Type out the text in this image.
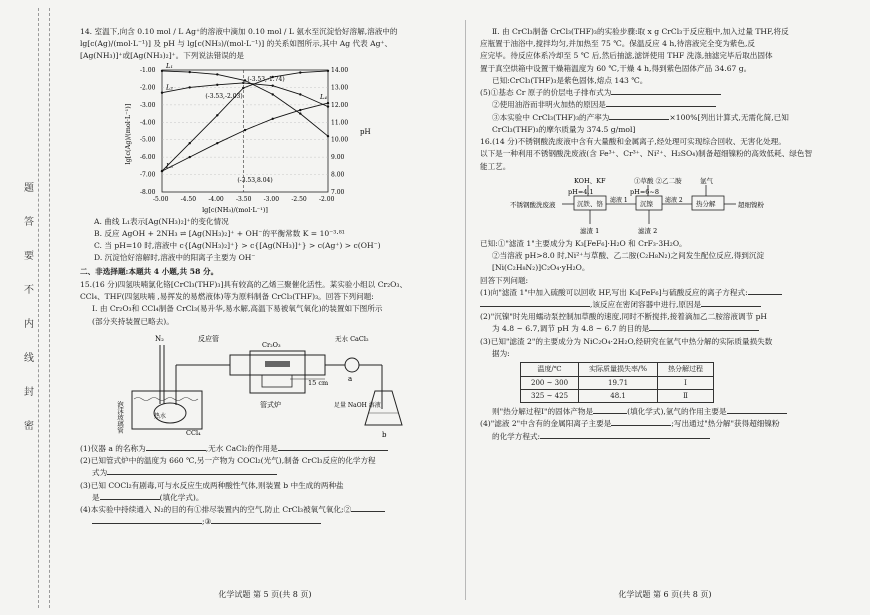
题
答
要
不
内
线
封
密

14. 室温下,向含 0.10 mol / L Ag⁺的溶液中滴加 0.10 mol / L 氨水至沉淀恰好溶解,溶液中的

lg[c(Ag)/(mol·L⁻¹)] 及 pH 与 lg[c(NH₃)/(mol·L⁻¹)] 的关系如图所示,其中 Ag 代表 Ag⁺、

[Ag(NH₃)]⁺或[Ag(NH₃)₂]⁺。下列说法错误的是

-5.00 -4.50 -4.00 -3.50 -3.00 -2.50 -2.00
-1.00
-2.00
-3.00
-4.00
-5.00
-6.00
-7.00
-8.00
14.00
13.00
12.00
11.00
10.00
9.00
8.00
7.00
lg[c(NH₃)/(mol·L⁻¹)]
lg[c(Ag)/(mol·L⁻¹)]	pH
L₁
L₂
L₃
L₄
(-3.53,-1.74)
(-3.53,-2.03)
(-3.53,8.04)

A. 曲线 L₁表示[Ag(NH₃)₂]⁺的变化情况

B. 反应 AgOH + 2NH₃ ⇌ [Ag(NH₃)₂]⁺ + OH⁻的平衡常数 K = 10⁻³·⁸¹

C. 当 pH=10 时,溶液中 c{[Ag(NH₃)₂]⁺} > c{[Ag(NH₃)]⁺} > c(Ag⁺) > c(OH⁻)

D. 沉淀恰好溶解时,溶液中的阳离子主要为 OH⁻

二、非选择题:本题共 4 小题,共 58 分。

15.(16 分)四氢呋喃氯化铬[CrCl₃(THF)₃]具有较高的乙烯三聚催化活性。某实验小组以 Cr₂O₃、

CCl₄、THF(四氢呋喃 ,易挥发的易燃液体)等为原料制备 CrCl₃(THF)₃。回答下列问题:

Ⅰ. 由 Cr₂O₃和 CCl₄制备 CrCl₃(易升华,易水解,高温下易被氧气氧化)的装置如下图所示

(部分夹持装置已略去)。

N₂
泡沫玻璃管	热水
CCl₄
反应管
Cr₂O₃
管式炉
15 cm
无水 CaCl₂
a
足量 NaOH 溶液
b

(1)仪器 a 的名称为	,无水 CaCl₂的作用是

(2)已知管式炉中的温度为 660 ℃,另一产物为 COCl₂(光气),制备 CrCl₃反应的化学方程

式为

(3)已知 COCl₂有剧毒,可与水反应生成两种酸性气体,则装置 b 中生成的两种盐

是	(填化学式)。

(4)本实验中持续通入 N₂的目的有①排尽装置内的空气,防止 CrCl₃被氧气氧化;②

;③

化学试题 第 5 页(共 8 页)

Ⅱ. 由 CrCl₃制备 CrCl₃(THF)₃的实验步骤:取 x g CrCl₃于反应瓶中,加入过量 THF,将反

应瓶置于油浴中,搅拌均匀,并加热至 75 ℃。保温反应 4 h,待溶液完全变为紫色,反

应完毕。待反应体系冷却至 5 ℃ 后,然后抽滤,滤饼使用 THF 洗涤,抽滤完毕后取出固体

置于真空烘箱中设置干燥箱温度为 60 ℃,干燥 4 h,得到紫色固体产品 34.67 g。

已知:CrCl₃(THF)₃是紫色固体,熔点 143 ℃。

(5)①基态 Cr 原子的价层电子排布式为

②使用油浴而非明火加热的原因是

③本实验中 CrCl₃(THF)₃的产率为	×100%[列出计算式,无需化简,已知

CrCl₃(THF)₃的摩尔质量为 374.5 g/mol]

16.(14 分)不锈钢酸洗废液中含有大量酸和金属离子,经处理可实现综合回收、无害化处理。

以下是一种利用不锈钢酸洗废液(含 Fe³⁺、Cr³⁺、Ni²⁺、H₂SO₄)制备超细镍粉的高效低耗、绿色智

能工艺。

KOH、KF
pH=4.1
①草酸 ②乙二胺
pH=6~8
氩气
不锈钢酸洗废液	沉铁、铬 滤液 1 沉镍 滤液 2 热分解	超细镍粉
滤渣 1	滤渣 2

已知:①"滤渣 1"主要成分为 K₃[FeF₆]·H₂O 和 CrF₃·3H₂O。

②当溶液 pH>8.0 时,Ni²⁺与草酸、乙二胺(C₂H₈N₂)之间发生配位反应,得到沉淀

[Ni(C₂H₈N₂)]C₂O₄·yH₂O。

回答下列问题:

(1)向"滤渣 1"中加入硫酸可以回收 HF,写出 K₃[FeF₆]与硫酸反应的离子方程式:

,该反应在密闭容器中进行,原因是

(2)"沉镍"时先用蠕动泵控制加草酸的速度,同时不断搅拌,接着滴加乙二胺溶液调节 pH

为 4.8 ~ 6.7,调节 pH 为 4.8 ~ 6.7 的目的是

(3)已知"滤渣 2"的主要成分为 NiC₂O₄·2H₂O,经研究在氩气中热分解的实际质量损失数

据为:

温度/℃	实际质量损失率/%	热分解过程
200 ~ 300	19.71	Ⅰ
325 ~ 425	48.1	Ⅱ

则"热分解过程Ⅰ"的固体产物是	(填化学式),氩气的作用主要是

(4)"滤液 2"中含有的金属阳离子主要是	;写出通过"热分解"获得超细镍粉

的化学方程式:

化学试题 第 6 页(共 8 页)
